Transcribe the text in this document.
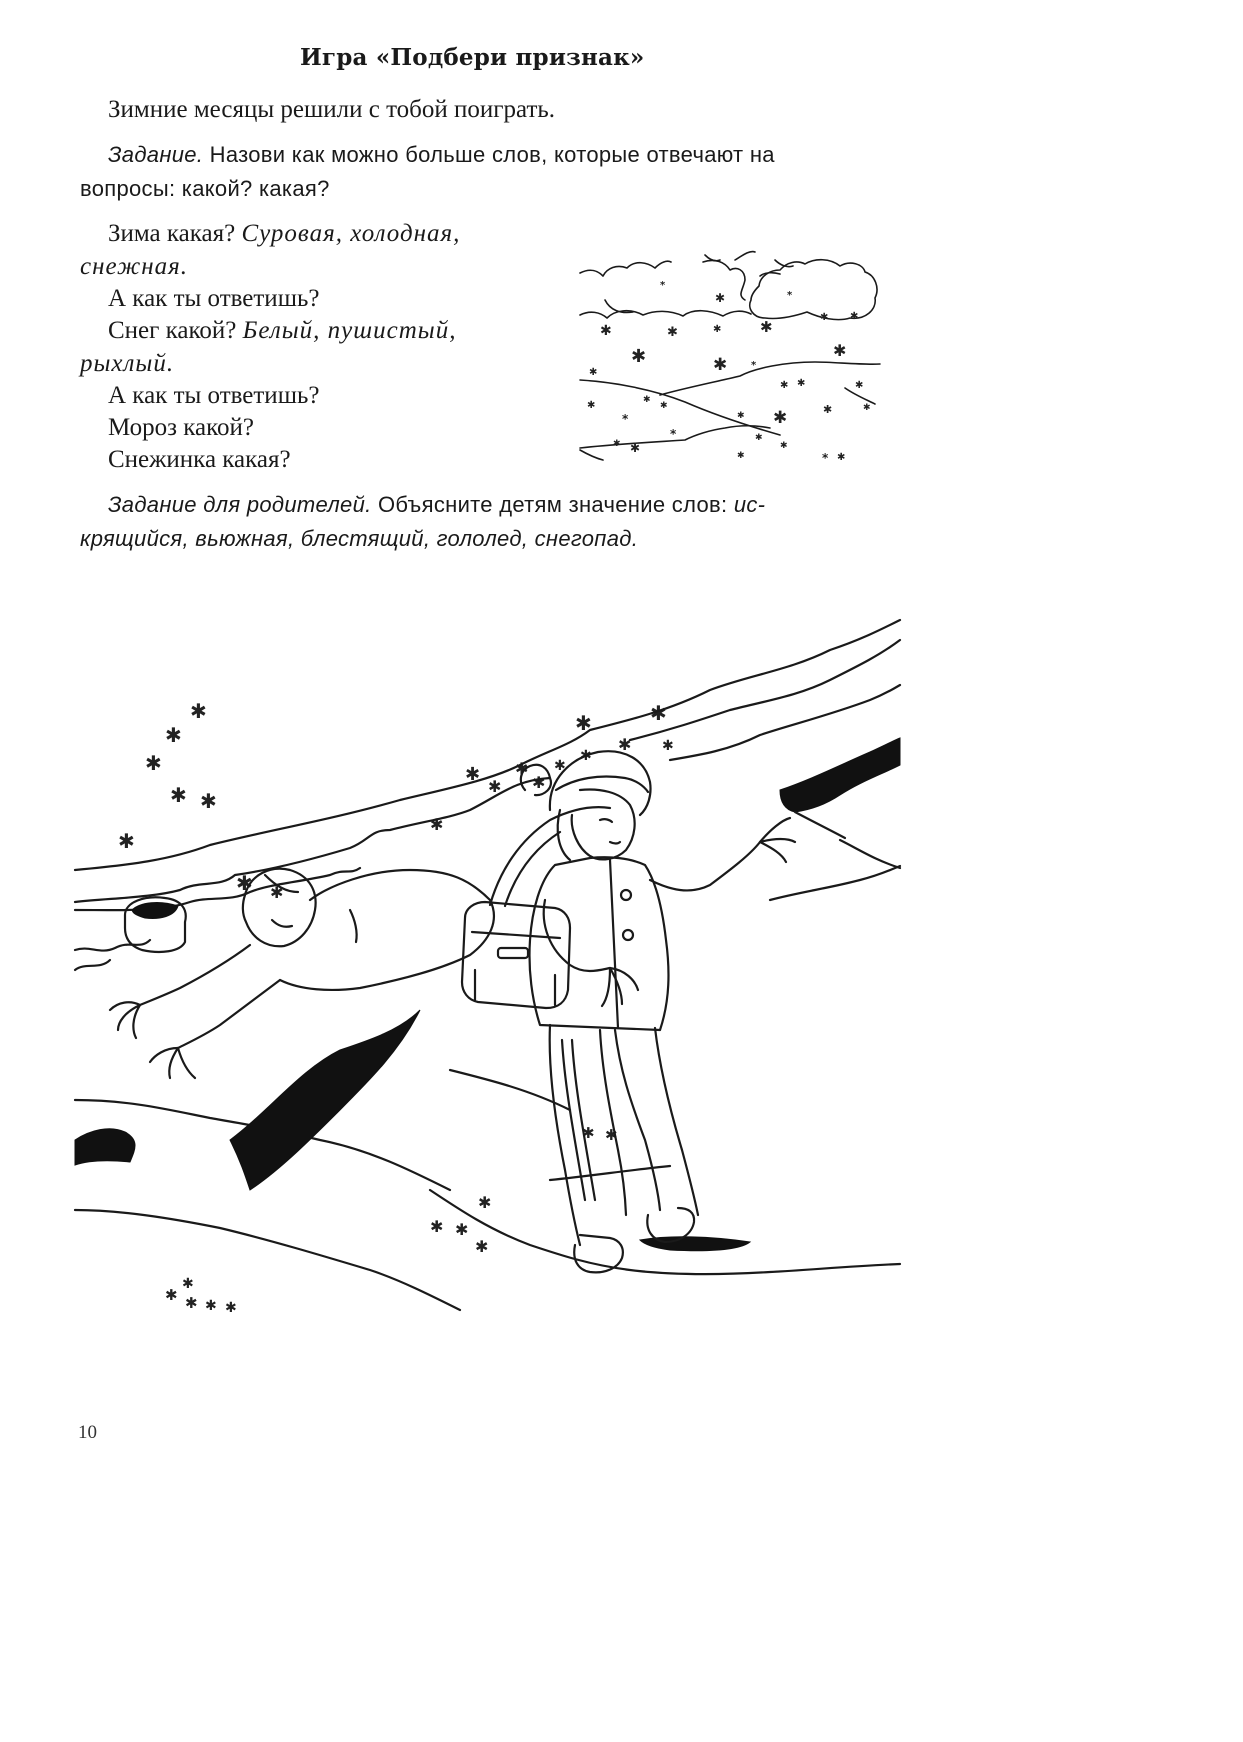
Игра «Подбери признак»
Зимние месяцы решили с тобой поиграть.
Задание. Назови как можно больше слов, которые отвечают на
вопросы: какой? какая?
Зима какая? Суровая, холодная,
снежная.
А как ты ответишь?
Снег какой? Белый, пушистый,
рыхлый.
А как ты ответишь?
Мороз какой?
Снежинка какая?
Задание для родителей. Объясните детям значение слов: ис-
крящийся, вьюжная, блестящий, гололед, снегопад.
*
✱	*
✱	✱	✱	✱
✱ ✱
✱	✱ *
✱
✱
✱
*
✱
✱
✱ ✱
✱ ✱	✱
*
✱ ✱
✱
✱
✱
* ✱
✱
✱
✱
✱
✱
✱ ✱
✱
✱ ✱
✱	✱
✱ ✱
✱
✱
✱
✱
✱
✱
✱
✱ ✱
✱
✱ ✱
✱
✱ ✱ ✱ ✱
✱
10
